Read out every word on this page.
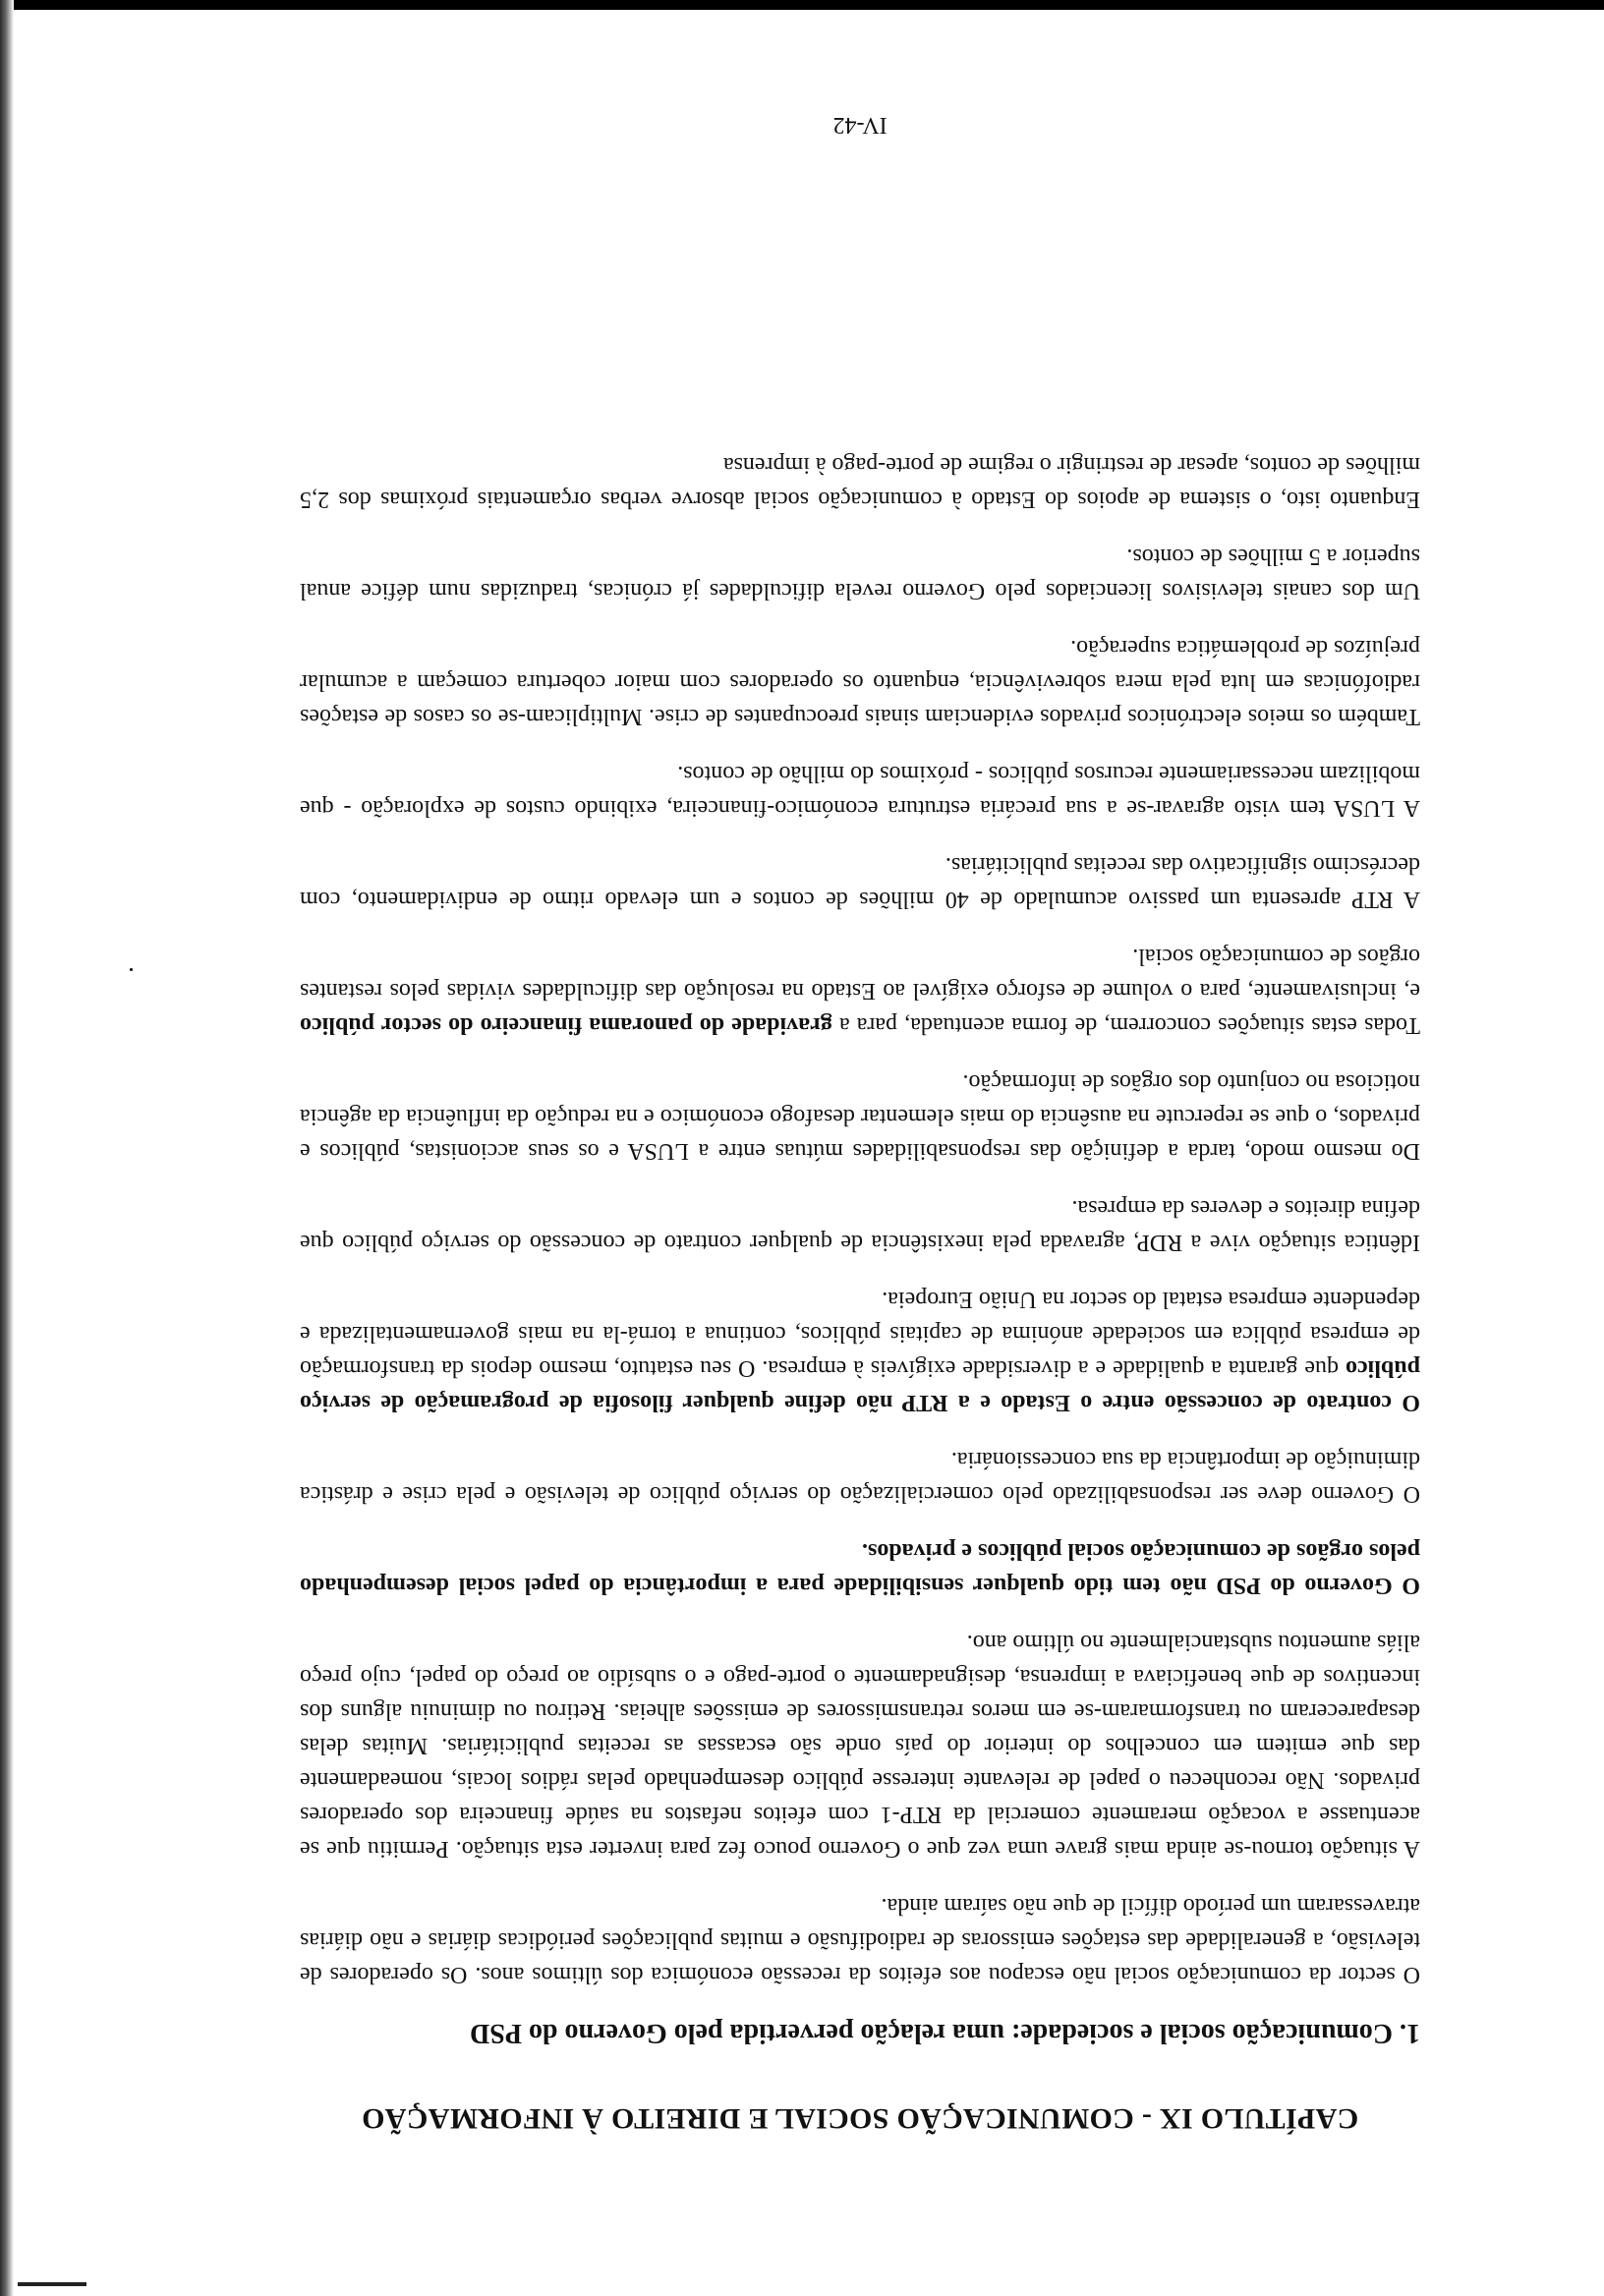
CAPÍTULO IX - COMUNICAÇÃO SOCIAL E DIREITO À INFORMAÇÃO
1. Comunicação social e sociedade: uma relação pervertida pelo Governo do PSD

O sector da comunicação social não escapou aos efeitos da recessão económica dos últimos anos. Os operadores de televisão, a generalidade das estações emissoras de radiodifusão e muitas publicações periódicas diárias e não diárias atravessaram um período difícil de que não saíram ainda.

A situação tornou-se ainda mais grave uma vez que o Governo pouco fez para inverter esta situação. Permitiu que se acentuasse a vocação meramente comercial da RTP-1 com efeitos nefastos na saúde financeira dos operadores privados. Não reconheceu o papel de relevante interesse público desempenhado pelas rádios locais, nomeadamente das que emitem em concelhos do interior do país onde são escassas as receitas publicitárias. Muitas delas desapareceram ou transformaram-se em meros retransmissores de emissões alheias. Retirou ou diminuiu alguns dos incentivos de que beneficiava a imprensa, designadamente o porte-pago e o subsídio ao preço do papel, cujo preço aliás aumentou substancialmente no último ano.

O Governo do PSD não tem tido qualquer sensibilidade para a importância do papel social desempenhado pelos orgãos de comunicação social públicos e privados.

O Governo deve ser responsabilizado pelo comercialização do serviço público de televisão e pela crise e drástica diminuição de importância da sua concessionária.

O contrato de concessão entre o Estado e a RTP não define qualquer filosofia de programação de serviço público que garanta a qualidade e a diversidade exigíveis à empresa. O seu estatuto, mesmo depois da transformação de empresa pública em sociedade anónima de capitais públicos, continua a torná-la na mais governamentalizada e dependente empresa estatal do sector na União Europeia.

Idêntica situação vive a RDP, agravada pela inexistência de qualquer contrato de concessão do serviço público que defina direitos e deveres da empresa.

Do mesmo modo, tarda a definição das responsabilidades mútuas entre a LUSA e os seus accionistas, públicos e privados, o que se repercute na ausência do mais elementar desafogo económico e na redução da influência da agência noticiosa no conjunto dos orgãos de informação.

Todas estas situações concorrem, de forma acentuada, para a gravidade do panorama financeiro do sector público e, inclusivamente, para o volume de esforço exigível ao Estado na resolução das dificuldades vividas pelos restantes orgãos de comunicação social.

A RTP apresenta um passivo acumulado de 40 milhões de contos e um elevado ritmo de endividamento, com decréscimo significativo das receitas publicitárias.

A LUSA tem visto agravar-se a sua precária estrutura económico-financeira, exibindo custos de exploração - que mobilizam necessariamente recursos públicos - próximos do milhão de contos.

Também os meios electrónicos privados evidenciam sinais preocupantes de crise. Multiplicam-se os casos de estações radiofónicas em luta pela mera sobrevivência, enquanto os operadores com maior cobertura começam a acumular prejuízos de problemática superação.

Um dos canais televisivos licenciados pelo Governo revela dificuldades já crónicas, traduzidas num défice anual superior a 5 milhões de contos.

Enquanto isto, o sistema de apoios do Estado à comunicação social absorve verbas orçamentais próximas dos 2,5 milhões de contos, apesar de restringir o regime de porte-pago à imprensa

IV-42
